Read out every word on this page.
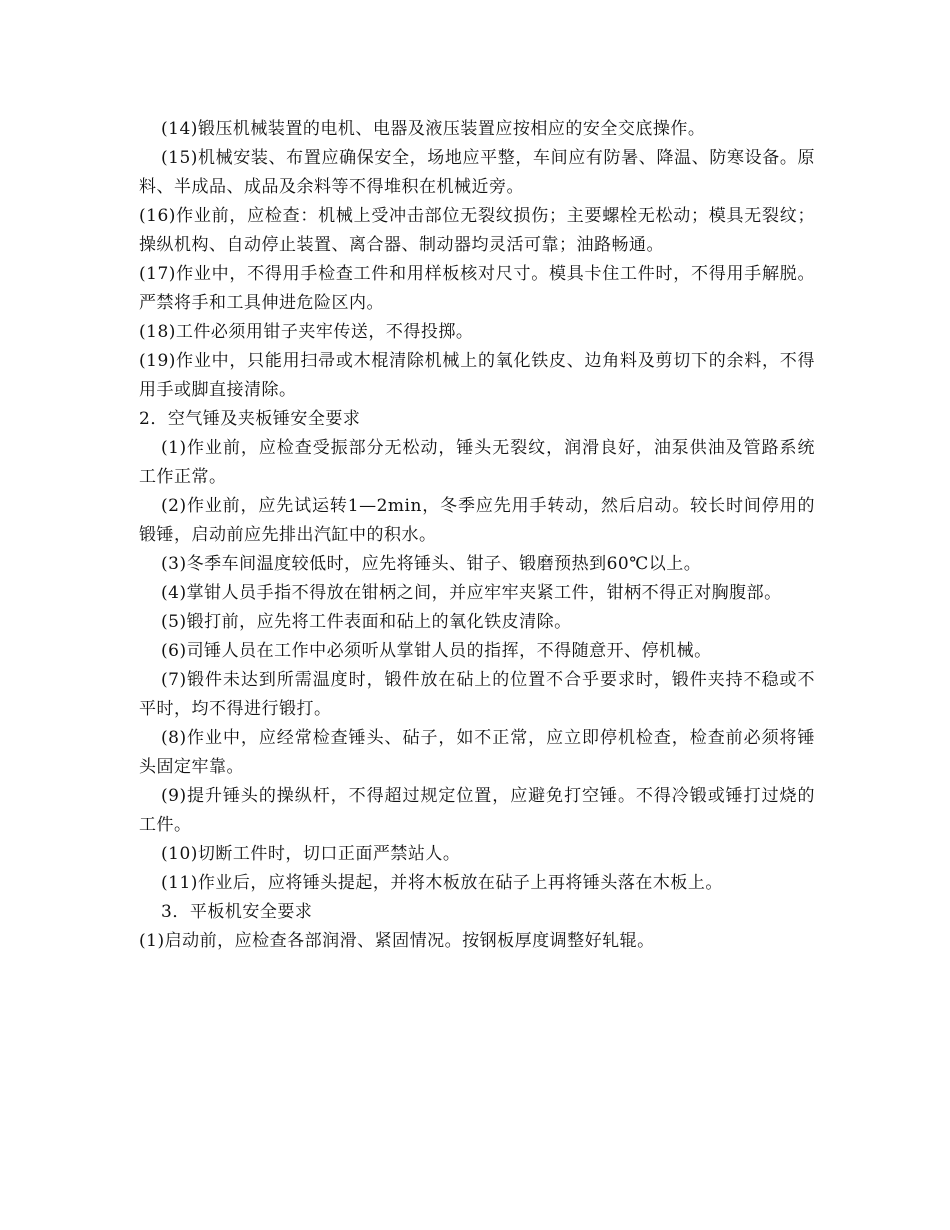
(14)锻压机械装置的电机、电器及液压装置应按相应的安全交底操作。

(15)机械安装、布置应确保安全，场地应平整，车间应有防暑、降温、防寒设备。原料、半成品、成品及余料等不得堆积在机械近旁。

(16)作业前，应检查：机械上受冲击部位无裂纹损伤；主要螺栓无松动；模具无裂纹；操纵机构、自动停止装置、离合器、制动器均灵活可靠；油路畅通。

(17)作业中，不得用手检查工件和用样板核对尺寸。模具卡住工件时，不得用手解脱。严禁将手和工具伸进危险区内。

(18)工件必须用钳子夹牢传送，不得投掷。

(19)作业中，只能用扫帚或木棍清除机械上的氧化铁皮、边角料及剪切下的余料，不得用手或脚直接清除。

2．空气锤及夹板锤安全要求

(1)作业前，应检查受振部分无松动，锤头无裂纹，润滑良好，油泵供油及管路系统工作正常。

(2)作业前，应先试运转1—2min，冬季应先用手转动，然后启动。较长时间停用的锻锤，启动前应先排出汽缸中的积水。

(3)冬季车间温度较低时，应先将锤头、钳子、锻磨预热到60℃以上。

(4)掌钳人员手指不得放在钳柄之间，并应牢牢夹紧工件，钳柄不得正对胸腹部。

(5)锻打前，应先将工件表面和砧上的氧化铁皮清除。

(6)司锤人员在工作中必须听从掌钳人员的指挥，不得随意开、停机械。

(7)锻件未达到所需温度时，锻件放在砧上的位置不合乎要求时，锻件夹持不稳或不平时，均不得进行锻打。

(8)作业中，应经常检查锤头、砧子，如不正常，应立即停机检查，检查前必须将锤头固定牢靠。

(9)提升锤头的操纵杆，不得超过规定位置，应避免打空锤。不得冷锻或锤打过烧的工件。

(10)切断工件时，切口正面严禁站人。

(11)作业后，应将锤头提起，并将木板放在砧子上再将锤头落在木板上。

3．平板机安全要求

(1)启动前，应检查各部润滑、紧固情况。按钢板厚度调整好轧辊。
